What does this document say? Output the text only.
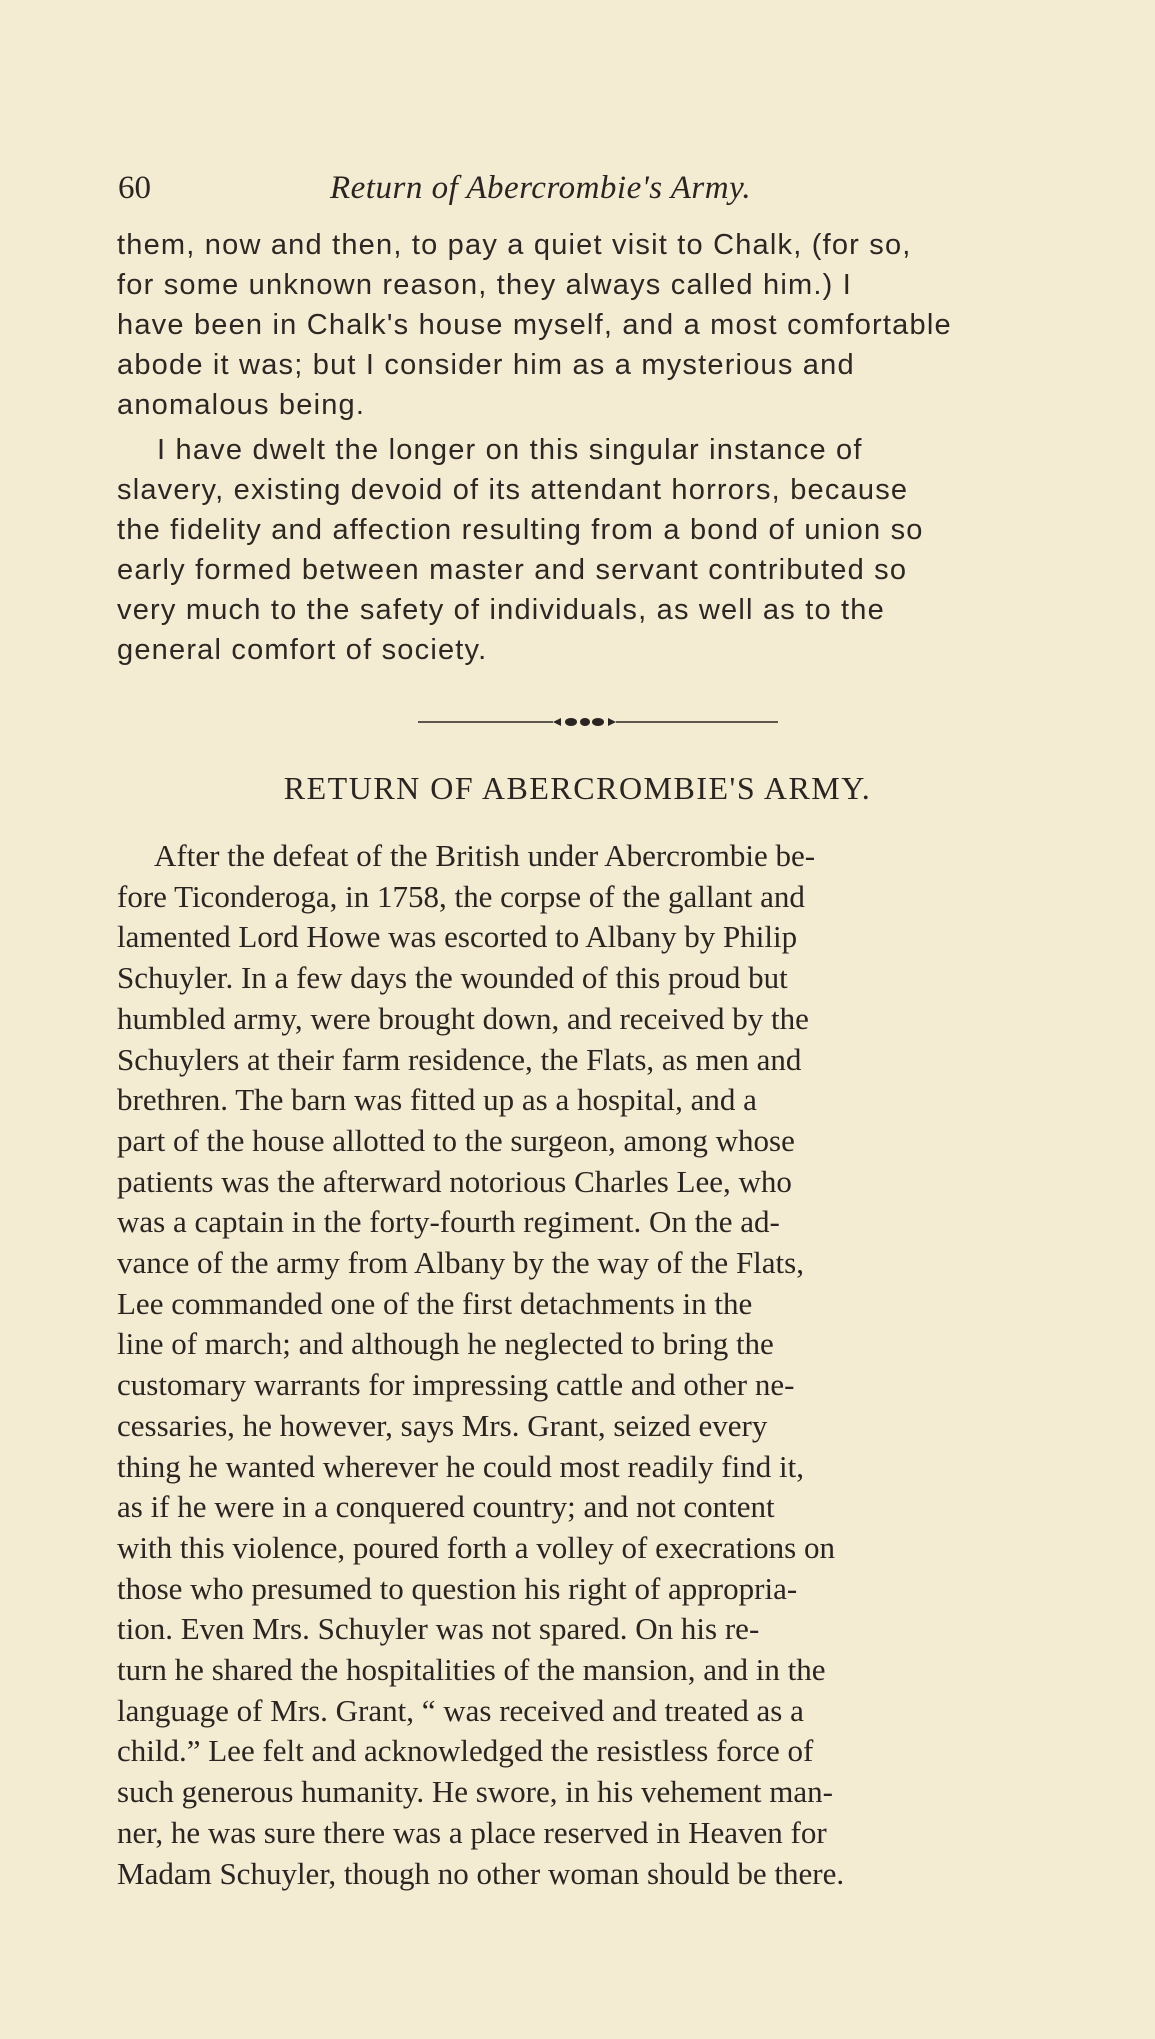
60	Return of Abercrombie's Army.

them, now and then, to pay a quiet visit to Chalk, (for so,
for some unknown reason, they always called him.) I
have been in Chalk's house myself, and a most comfortable
abode it was; but I consider him as a mysterious and
anomalous being.

I have dwelt the longer on this singular instance of
slavery, existing devoid of its attendant horrors, because
the fidelity and affection resulting from a bond of union so
early formed between master and servant contributed so
very much to the safety of individuals, as well as to the
general comfort of society.

RETURN OF ABERCROMBIE'S ARMY.

After the defeat of the British under Abercrombie be-
fore Ticonderoga, in 1758, the corpse of the gallant and
lamented Lord Howe was escorted to Albany by Philip
Schuyler. In a few days the wounded of this proud but
humbled army, were brought down, and received by the
Schuylers at their farm residence, the Flats, as men and
brethren. The barn was fitted up as a hospital, and a
part of the house allotted to the surgeon, among whose
patients was the afterward notorious Charles Lee, who
was a captain in the forty-fourth regiment. On the ad-
vance of the army from Albany by the way of the Flats,
Lee commanded one of the first detachments in the
line of march; and although he neglected to bring the
customary warrants for impressing cattle and other ne-
cessaries, he however, says Mrs. Grant, seized every
thing he wanted wherever he could most readily find it,
as if he were in a conquered country; and not content
with this violence, poured forth a volley of execrations on
those who presumed to question his right of appropria-
tion. Even Mrs. Schuyler was not spared. On his re-
turn he shared the hospitalities of the mansion, and in the
language of Mrs. Grant, “ was received and treated as a
child.” Lee felt and acknowledged the resistless force of
such generous humanity. He swore, in his vehement man-
ner, he was sure there was a place reserved in Heaven for
Madam Schuyler, though no other woman should be there.
